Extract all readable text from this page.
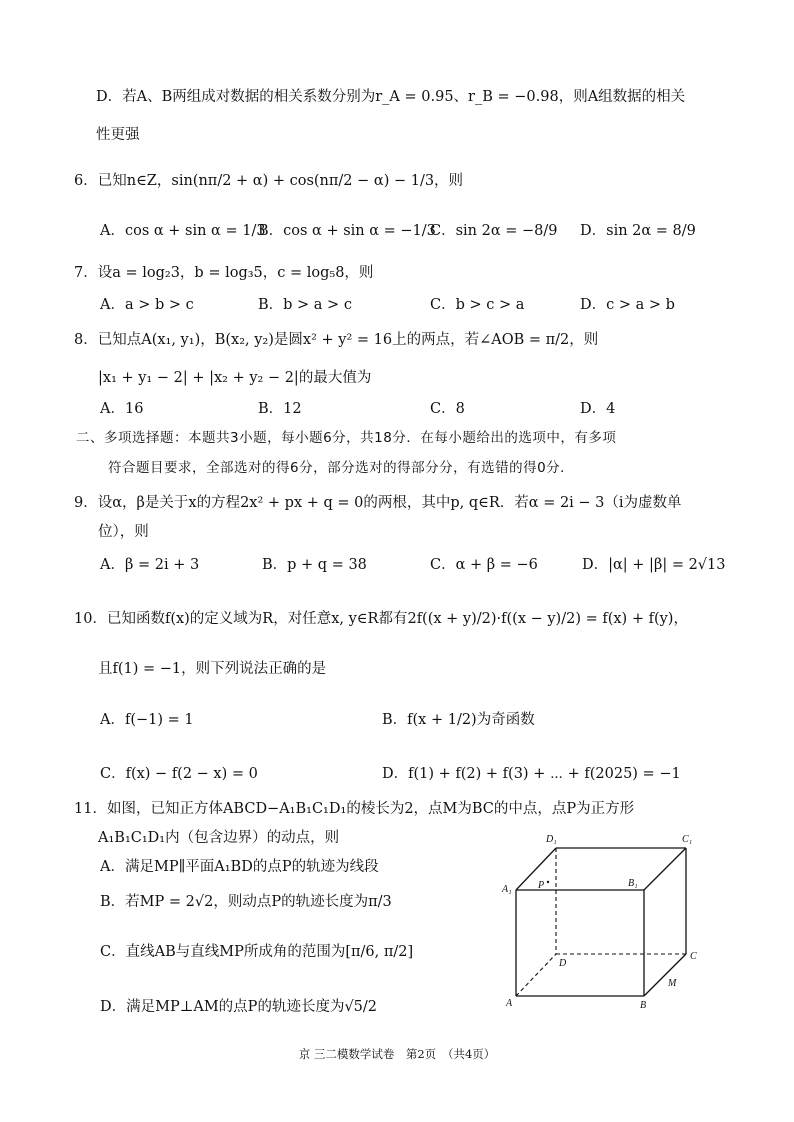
D．若A、B两组成对数据的相关系数分别为r_A = 0.95、r_B = −0.98，则A组数据的相关
性更强
6．已知n∈Z，sin(nπ/2 + α) + cos(nπ/2 − α) − 1/3，则
A．cos α + sin α = 1/3
B．cos α + sin α = −1/3
C．sin 2α = −8/9 D．sin 2α = 8/9
7．设a = log₂3，b = log₃5，c = log₅8，则
A．a > b > c	B．b > a > c	C．b > c > a	D．c > a > b
8．已知点A(x₁, y₁)，B(x₂, y₂)是圆x² + y² = 16上的两点，若∠AOB = π/2，则
|x₁ + y₁ − 2| + |x₂ + y₂ − 2|的最大值为
A．16	B．12	C．8	D．4
二、多项选择题：本题共3小题，每小题6分，共18分．在每小题给出的选项中，有多项
符合题目要求，全部选对的得6分，部分选对的得部分分，有选错的得0分．
9．设α，β是关于x的方程2x² + px + q = 0的两根，其中p, q∈R．若α = 2i − 3（i为虚数单
位），则
A．β = 2i + 3	B．p + q = 38	C．α + β = −6	D．|α| + |β| = 2√13
10．已知函数f(x)的定义域为R，对任意x, y∈R都有2f((x + y)/2)·f((x − y)/2) = f(x) + f(y)，
且f(1) = −1，则下列说法正确的是
A．f(−1) = 1	B．f(x + 1/2)为奇函数
C．f(x) − f(2 − x) = 0	D．f(1) + f(2) + f(3) + ⋯ + f(2025) = −1
11．如图，已知正方体ABCD−A₁B₁C₁D₁的棱长为2，点M为BC的中点，点P为正方形
A₁B₁C₁D₁内（包含边界）的动点，则
A．满足MP∥平面A₁BD的点P的轨迹为线段
B．若MP = 2√2，则动点P的轨迹长度为π/3
C．直线AB与直线MP所成角的范围为[π/6, π/2]
D．满足MP⊥AM的点P的轨迹长度为√5/2
D₁	C₁
A₁
B₁
P
D
C
M
A	B
京 三二模数学试卷　第2页　（共4页）
